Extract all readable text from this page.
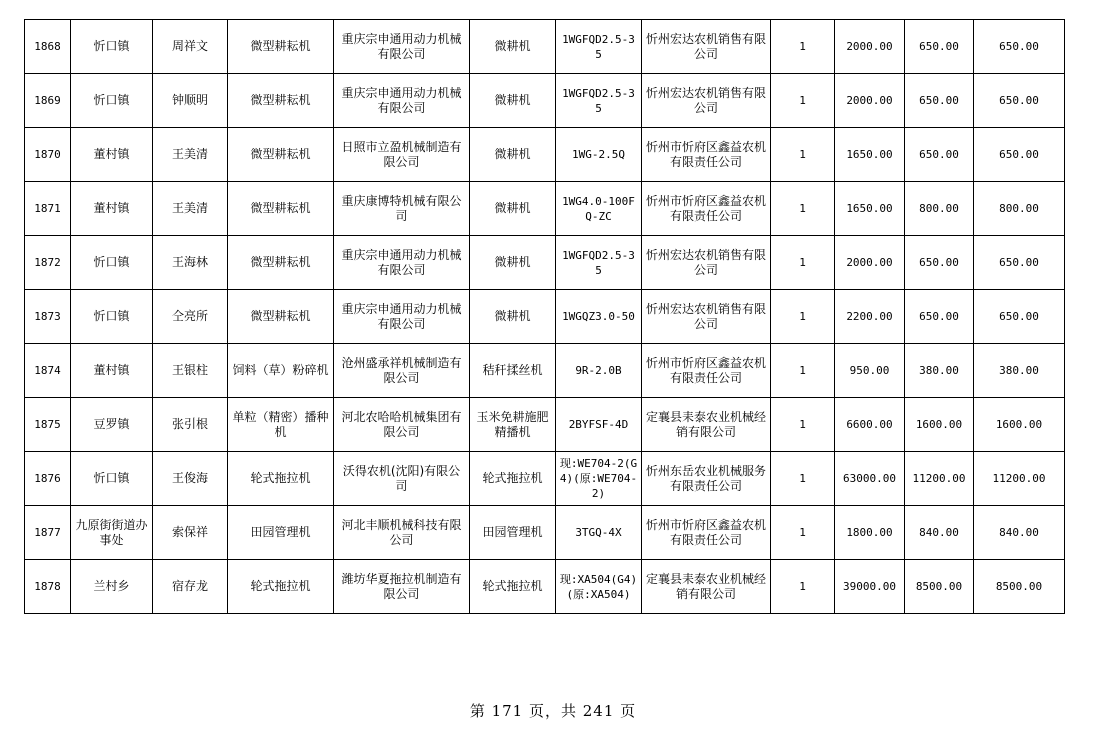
1868	忻口镇	周祥文	微型耕耘机	重庆宗申通用动力机械有限公司	微耕机	1WGFQD2.5-35	忻州宏达农机销售有限公司	1	2000.00	650.00	650.00
1869	忻口镇	钟顺明	微型耕耘机	重庆宗申通用动力机械有限公司	微耕机	1WGFQD2.5-35	忻州宏达农机销售有限公司	1	2000.00	650.00	650.00
1870	董村镇	王美清	微型耕耘机	日照市立盈机械制造有限公司	微耕机	1WG-2.5Q	忻州市忻府区鑫益农机有限责任公司	1	1650.00	650.00	650.00
1871	董村镇	王美清	微型耕耘机	重庆康博特机械有限公司	微耕机	1WG4.0-100FQ-ZC	忻州市忻府区鑫益农机有限责任公司	1	1650.00	800.00	800.00
1872	忻口镇	王海林	微型耕耘机	重庆宗申通用动力机械有限公司	微耕机	1WGFQD2.5-35	忻州宏达农机销售有限公司	1	2000.00	650.00	650.00
1873	忻口镇	仝亮所	微型耕耘机	重庆宗申通用动力机械有限公司	微耕机	1WGQZ3.0-50	忻州宏达农机销售有限公司	1	2200.00	650.00	650.00
1874	董村镇	王银柱	饲料（草）粉碎机	沧州盛承祥机械制造有限公司	秸秆揉丝机	9R-2.0B	忻州市忻府区鑫益农机有限责任公司	1	950.00	380.00	380.00
1875	豆罗镇	张引根	单粒（精密）播种机	河北农哈哈机械集团有限公司	玉米免耕施肥精播机	2BYFSF-4D	定襄县耒泰农业机械经销有限公司	1	6600.00	1600.00	1600.00
1876	忻口镇	王俊海	轮式拖拉机	沃得农机(沈阳)有限公司	轮式拖拉机	现:WE704-2(G4)(原:WE704-2)	忻州东岳农业机械服务有限责任公司	1	63000.00	11200.00	11200.00
1877	九原街街道办事处	索保祥	田园管理机	河北丰顺机械科技有限公司	田园管理机	3TGQ-4X	忻州市忻府区鑫益农机有限责任公司	1	1800.00	840.00	840.00
1878	兰村乡	宿存龙	轮式拖拉机	潍坊华夏拖拉机制造有限公司	轮式拖拉机	现:XA504(G4)(原:XA504)	定襄县耒泰农业机械经销有限公司	1	39000.00	8500.00	8500.00
第 171 页，共 241 页
